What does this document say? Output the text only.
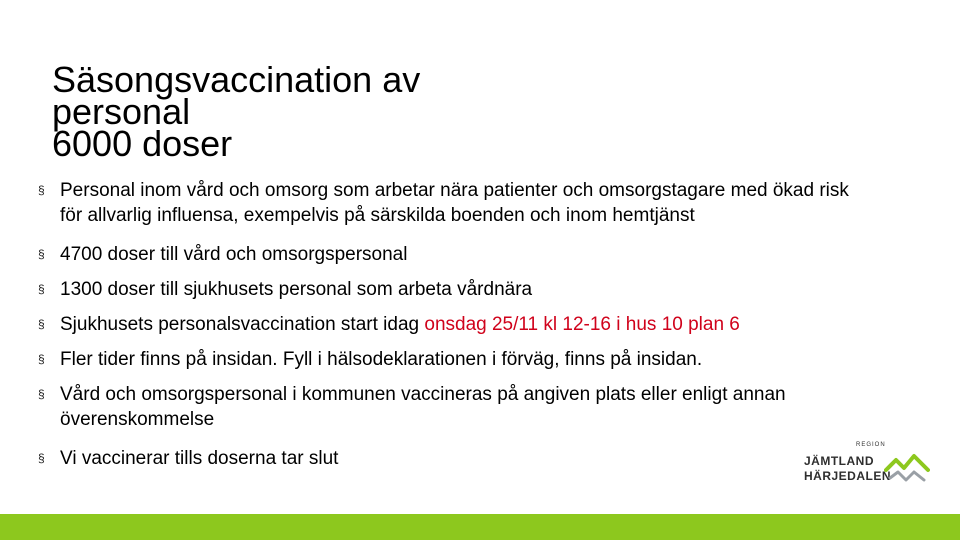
Säsongsvaccination av
personal
6000 doser
§ Personal inom vård och omsorg som arbetar nära patienter och omsorgstagare med ökad risk för allvarlig influensa, exempelvis på särskilda boenden och inom hemtjänst
§ 4700 doser till vård och omsorgspersonal
§ 1300 doser till sjukhusets personal som arbeta vårdnära
§ Sjukhusets personalsvaccination start idag onsdag 25/11 kl 12-16 i hus 10 plan 6
§ Fler tider finns på insidan. Fyll i hälsodeklarationen i förväg, finns på insidan.
§ Vård och omsorgspersonal i kommunen vaccineras på angiven plats eller enligt annan överenskommelse
§ Vi vaccinerar tills doserna tar slut
REGION
JÄMTLAND
HÄRJEDALEN
